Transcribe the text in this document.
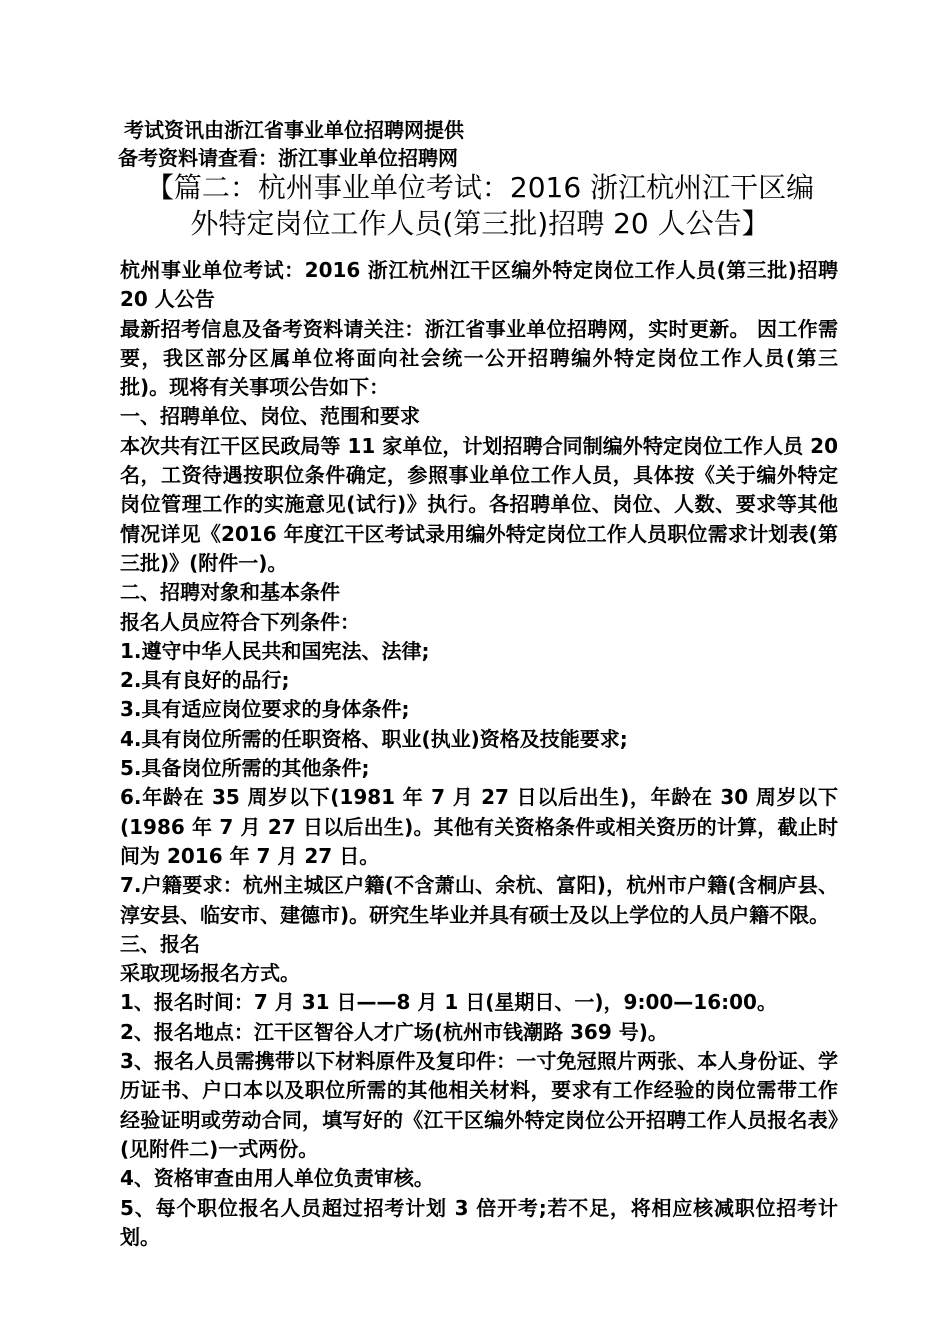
考试资讯由浙江省事业单位招聘网提供
备考资料请查看：浙江事业单位招聘网
【篇二：杭州事业单位考试：2016 浙江杭州江干区编
外特定岗位工作人员(第三批)招聘 20 人公告】

杭州事业单位考试：2016 浙江杭州江干区编外特定岗位工作人员(第三批)招聘 20 人公告

最新招考信息及备考资料请关注：浙江省事业单位招聘网，实时更新。 因工作需要，我区部分区属单位将面向社会统一公开招聘编外特定岗位工作人员(第三批)。现将有关事项公告如下：

一、招聘单位、岗位、范围和要求

本次共有江干区民政局等 11 家单位，计划招聘合同制编外特定岗位工作人员 20 名，工资待遇按职位条件确定，参照事业单位工作人员，具体按《关于编外特定岗位管理工作的实施意见(试行)》执行。各招聘单位、岗位、人数、要求等其他情况详见《2016 年度江干区考试录用编外特定岗位工作人员职位需求计划表(第三批)》(附件一)。

二、招聘对象和基本条件

报名人员应符合下列条件：

1.遵守中华人民共和国宪法、法律;

2.具有良好的品行;

3.具有适应岗位要求的身体条件;

4.具有岗位所需的任职资格、职业(执业)资格及技能要求;

5.具备岗位所需的其他条件;

6.年龄在 35 周岁以下(1981 年 7 月 27 日以后出生)，年龄在 30 周岁以下(1986 年 7 月 27 日以后出生)。其他有关资格条件或相关资历的计算，截止时间为 2016 年 7 月 27 日。

7.户籍要求：杭州主城区户籍(不含萧山、余杭、富阳)，杭州市户籍(含桐庐县、淳安县、临安市、建德市)。研究生毕业并具有硕士及以上学位的人员户籍不限。

三、报名

采取现场报名方式。

1、报名时间：7 月 31 日——8 月 1 日(星期日、一)，9:00—16:00。

2、报名地点：江干区智谷人才广场(杭州市钱潮路 369 号)。

3、报名人员需携带以下材料原件及复印件：一寸免冠照片两张、本人身份证、学历证书、户口本以及职位所需的其他相关材料，要求有工作经验的岗位需带工作经验证明或劳动合同，填写好的《江干区编外特定岗位公开招聘工作人员报名表》(见附件二)一式两份。

4、资格审查由用人单位负责审核。

5、每个职位报名人员超过招考计划 3 倍开考;若不足，将相应核减职位招考计划。
